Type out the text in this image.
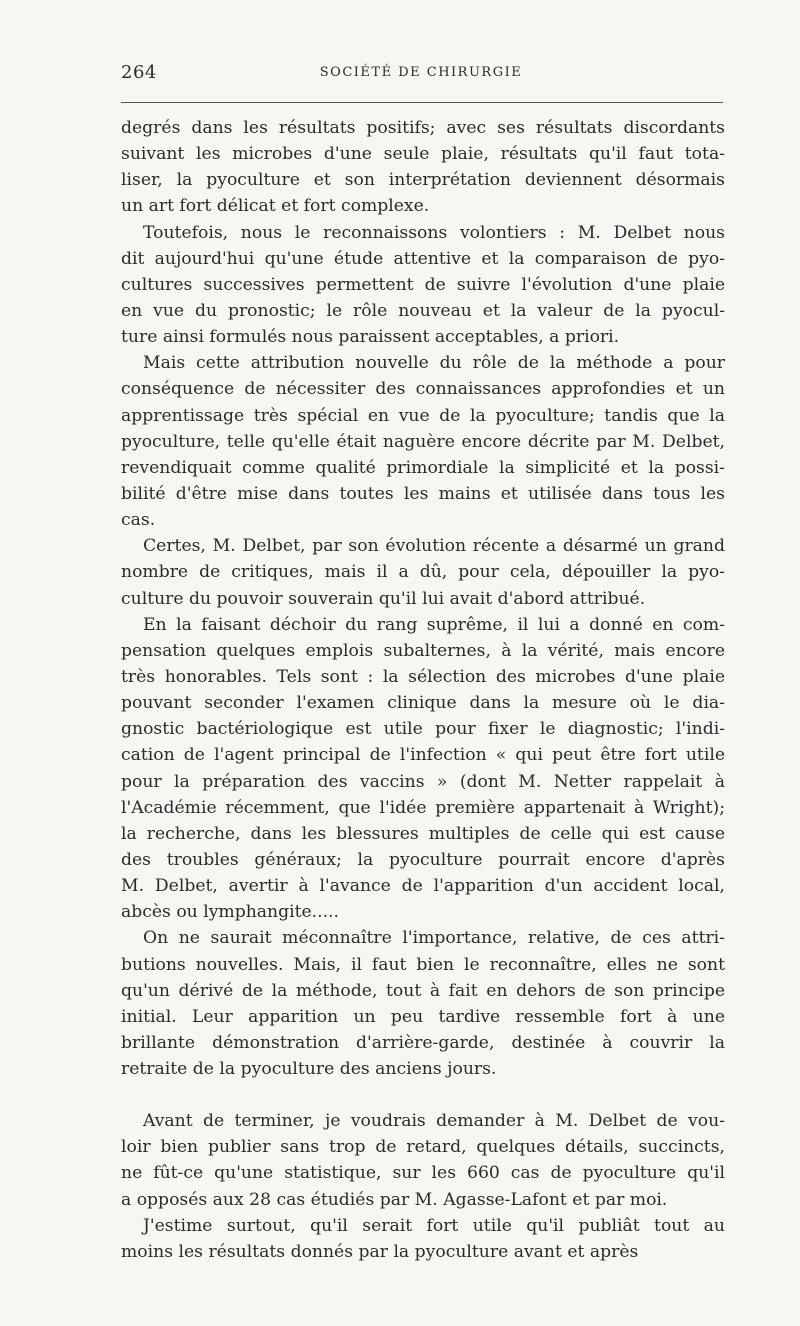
264	SOCIÉTÉ DE CHIRURGIE
degrés dans les résultats positifs; avec ses résultats discordants
suivant les microbes d'une seule plaie, résultats qu'il faut tota-
liser, la pyoculture et son interprétation deviennent désormais
un art fort délicat et fort complexe.
Toutefois, nous le reconnaissons volontiers : M. Delbet nous
dit aujourd'hui qu'une étude attentive et la comparaison de pyo-
cultures successives permettent de suivre l'évolution d'une plaie
en vue du pronostic; le rôle nouveau et la valeur de la pyocul-
ture ainsi formulés nous paraissent acceptables, a priori.
Mais cette attribution nouvelle du rôle de la méthode a pour
conséquence de nécessiter des connaissances approfondies et un
apprentissage très spécial en vue de la pyoculture; tandis que la
pyoculture, telle qu'elle était naguère encore décrite par M. Delbet,
revendiquait comme qualité primordiale la simplicité et la possi-
bilité d'être mise dans toutes les mains et utilisée dans tous les
cas.
Certes, M. Delbet, par son évolution récente a désarmé un grand
nombre de critiques, mais il a dû, pour cela, dépouiller la pyo-
culture du pouvoir souverain qu'il lui avait d'abord attribué.
En la faisant déchoir du rang suprême, il lui a donné en com-
pensation quelques emplois subalternes, à la vérité, mais encore
très honorables. Tels sont : la sélection des microbes d'une plaie
pouvant seconder l'examen clinique dans la mesure où le dia-
gnostic bactériologique est utile pour fixer le diagnostic; l'indi-
cation de l'agent principal de l'infection « qui peut être fort utile
pour la préparation des vaccins » (dont M. Netter rappelait à
l'Académie récemment, que l'idée première appartenait à Wright);
la recherche, dans les blessures multiples de celle qui est cause
des troubles généraux; la pyoculture pourrait encore d'après
M. Delbet, avertir à l'avance de l'apparition d'un accident local,
abcès ou lymphangite.....
On ne saurait méconnaître l'importance, relative, de ces attri-
butions nouvelles. Mais, il faut bien le reconnaître, elles ne sont
qu'un dérivé de la méthode, tout à fait en dehors de son principe
initial. Leur apparition un peu tardive ressemble fort à une
brillante démonstration d'arrière-garde, destinée à couvrir la
retraite de la pyoculture des anciens jours.
Avant de terminer, je voudrais demander à M. Delbet de vou-
loir bien publier sans trop de retard, quelques détails, succincts,
ne fût-ce qu'une statistique, sur les 660 cas de pyoculture qu'il
a opposés aux 28 cas étudiés par M. Agasse-Lafont et par moi.
J'estime surtout, qu'il serait fort utile qu'il publiât tout au
moins les résultats donnés par la pyoculture avant et après
